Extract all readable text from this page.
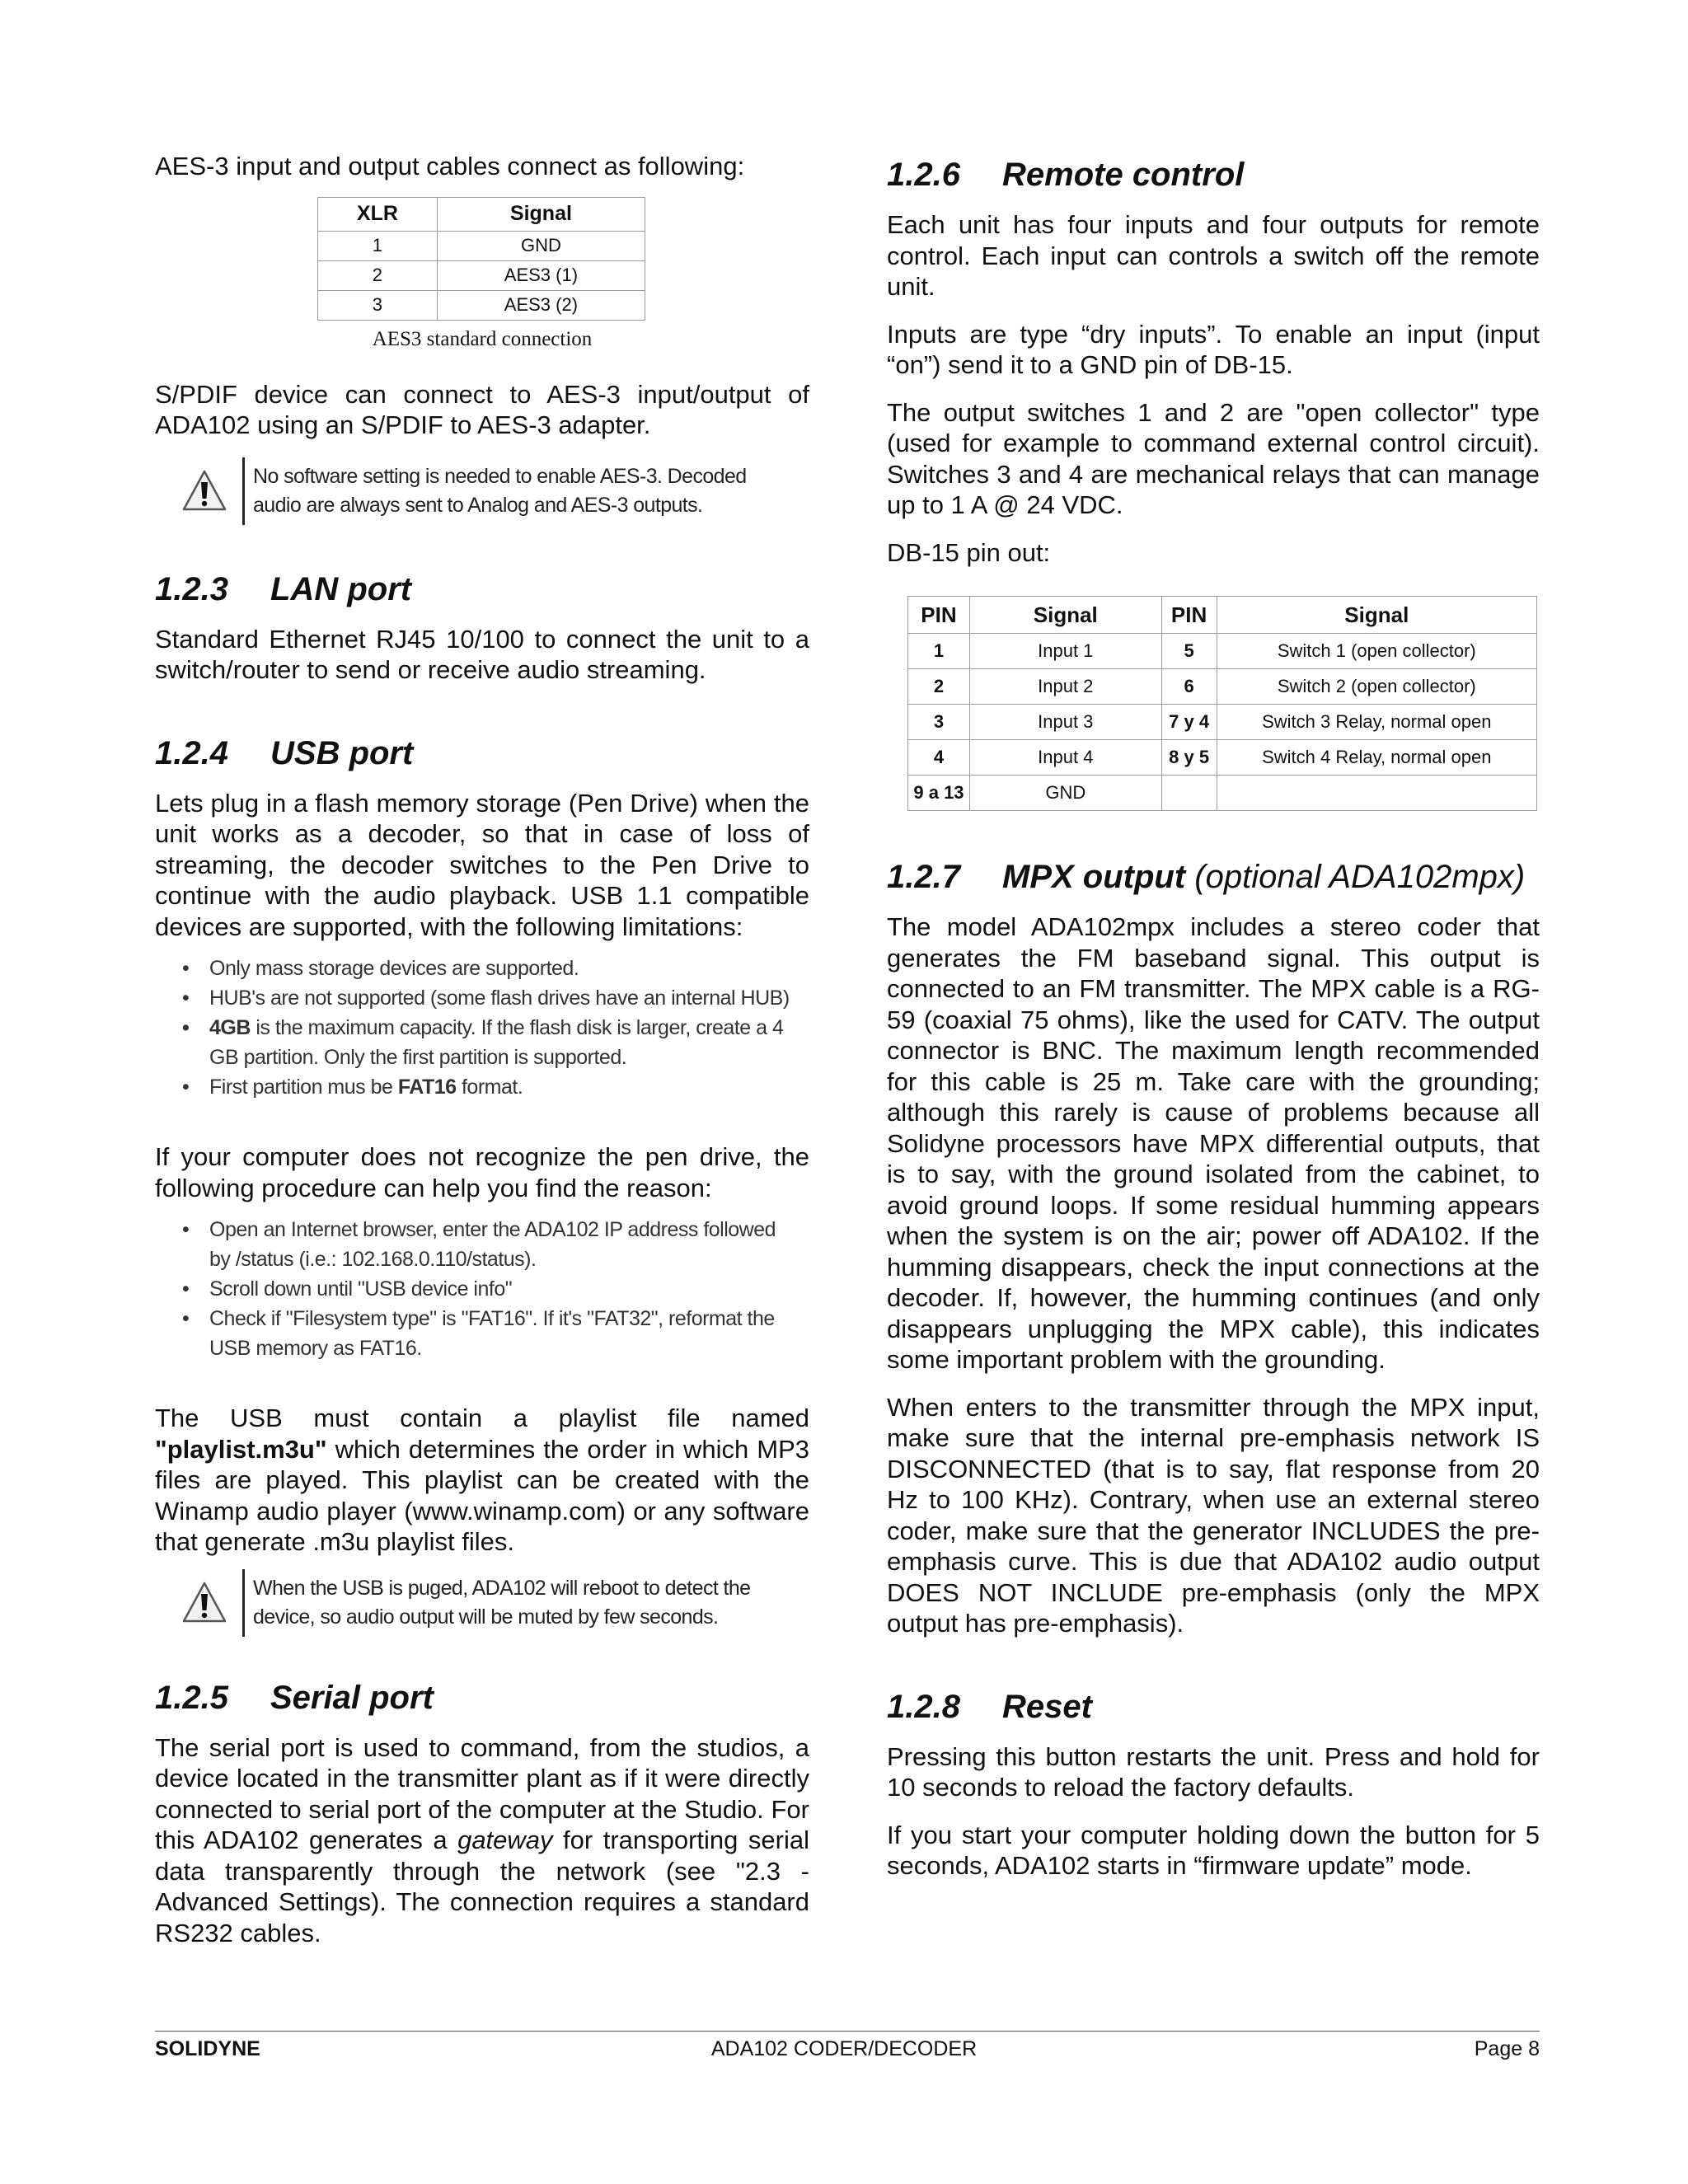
AES-3 input and output cables connect as following:

XLR	Signal
1	GND
2	AES3 (1)
3	AES3 (2)
AES3 standard connection

S/PDIF device can connect to AES-3 input/output of ADA102 using an S/PDIF to AES-3 adapter.

No software setting is needed to enable AES-3. Decoded
audio are always sent to Analog and AES-3 outputs.
1.2.3	LAN port

Standard Ethernet RJ45 10/100 to connect the unit to a switch/router to send or receive audio streaming.

1.2.4	USB port

Lets plug in a flash memory storage (Pen Drive) when the unit works as a decoder, so that in case of loss of streaming, the decoder switches to the Pen Drive to continue with the audio playback. USB 1.1 compatible devices are supported, with the following limitations:

• Only mass storage devices are supported.
• HUB's are not supported (some flash drives have an internal HUB)
• 4GB is the maximum capacity. If the flash disk is larger, create a 4
GB partition. Only the first partition is supported.
• First partition mus be FAT16 format.

If your computer does not recognize the pen drive, the following procedure can help you find the reason:

• Open an Internet browser, enter the ADA102 IP address followed
by /status (i.e.: 102.168.0.110/status).
• Scroll down until "USB device info"
• Check if "Filesystem type" is "FAT16". If it's "FAT32", reformat the
USB memory as FAT16.

The USB must contain a playlist file named "playlist.m3u" which determines the order in which MP3 files are played. This playlist can be created with the Winamp audio player (www.winamp.com) or any software that generate .m3u playlist files.

When the USB is puged, ADA102 will reboot to detect the
device, so audio output will be muted by few seconds.
1.2.5	Serial port

The serial port is used to command, from the studios, a device located in the transmitter plant as if it were directly connected to serial port of the computer at the Studio. For this ADA102 generates a gateway for transporting serial data transparently through the network (see "2.3 - Advanced Settings). The connection requires a standard RS232 cables.

1.2.6	Remote control

Each unit has four inputs and four outputs for remote control. Each input can controls a switch off the remote unit.

Inputs are type “dry inputs”. To enable an input (input “on”) send it to a GND pin of DB-15.

The output switches 1 and 2 are "open collector" type (used for example to command external control circuit). Switches 3 and 4 are mechanical relays that can manage up to 1 A @ 24 VDC.

DB-15 pin out:

PIN	Signal	PIN	Signal
1	Input 1	5	Switch 1 (open collector)
2	Input 2	6	Switch 2 (open collector)
3	Input 3	7 y 4	Switch 3 Relay, normal open
4	Input 4	8 y 5	Switch 4 Relay, normal open
9 a 13	GND		
1.2.7	MPX output (optional ADA102mpx)

The model ADA102mpx includes a stereo coder that generates the FM baseband signal. This output is connected to an FM transmitter. The MPX cable is a RG-59 (coaxial 75 ohms), like the used for CATV. The output connector is BNC. The maximum length recommended for this cable is 25 m. Take care with the grounding; although this rarely is cause of problems because all Solidyne processors have MPX differential outputs, that is to say, with the ground isolated from the cabinet, to avoid ground loops. If some residual humming appears when the system is on the air; power off ADA102. If the humming disappears, check the input connections at the decoder. If, however, the humming continues (and only disappears unplugging the MPX cable), this indicates some important problem with the grounding.

When enters to the transmitter through the MPX input, make sure that the internal pre-emphasis network IS DISCONNECTED (that is to say, flat response from 20 Hz to 100 KHz). Contrary, when use an external stereo coder, make sure that the generator INCLUDES the pre-emphasis curve. This is due that ADA102 audio output DOES NOT INCLUDE pre-emphasis (only the MPX output has pre-emphasis).

1.2.8	Reset

Pressing this button restarts the unit. Press and hold for 10 seconds to reload the factory defaults.

If you start your computer holding down the button for 5 seconds, ADA102 starts in “firmware update” mode.

SOLIDYNE	ADA102 CODER/DECODER	Page 8
